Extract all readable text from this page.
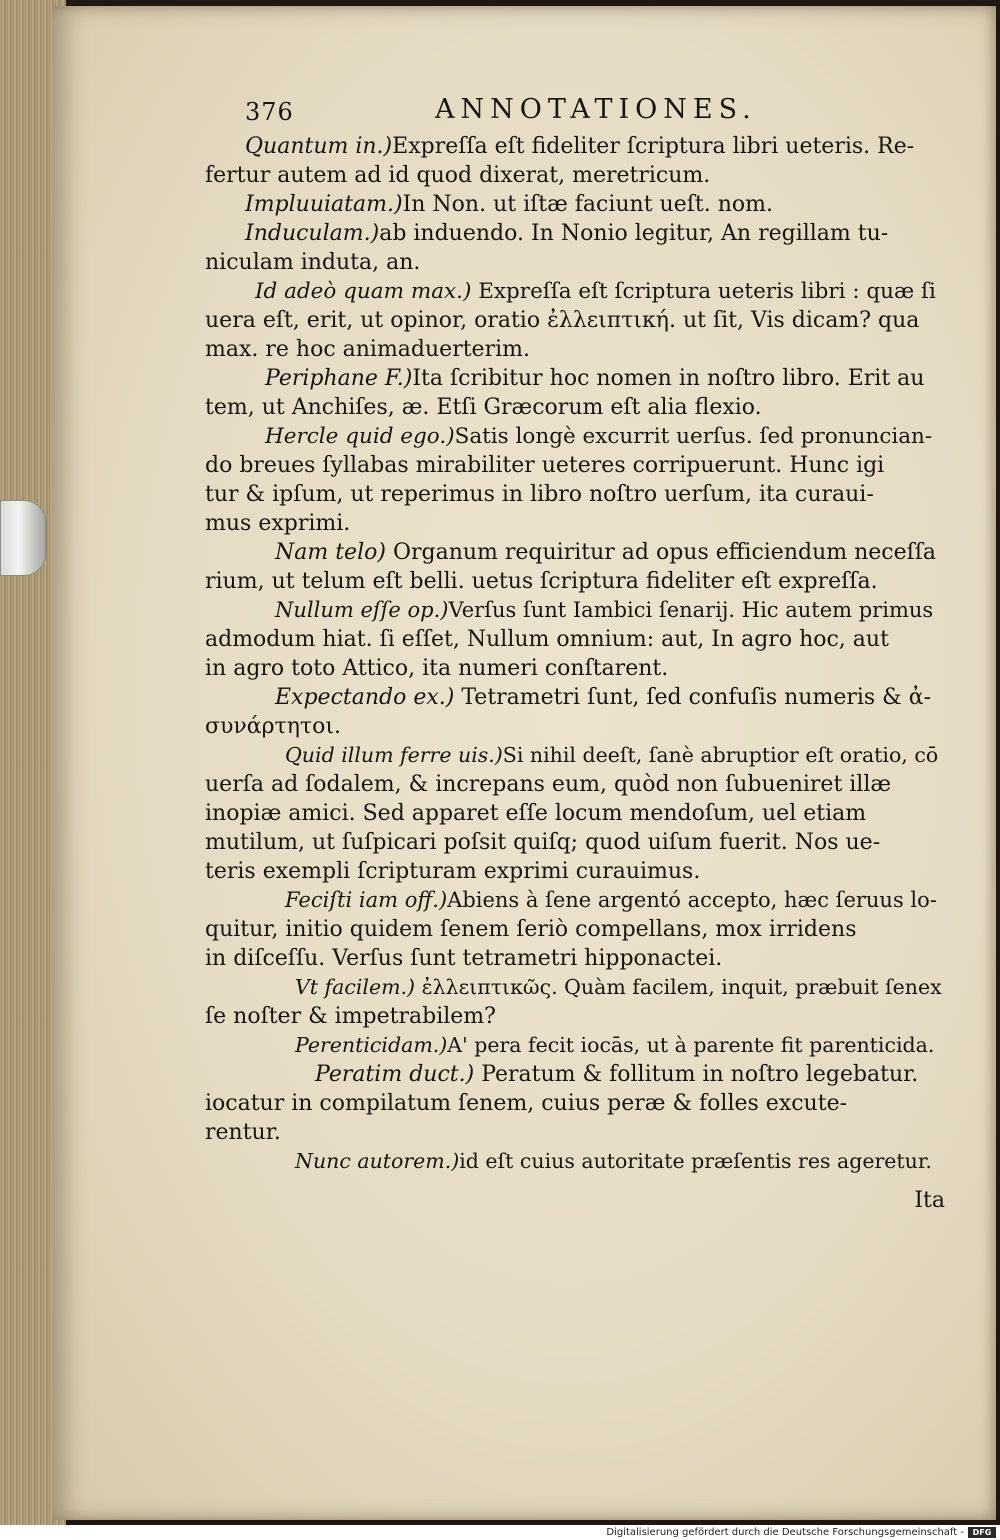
376	ANNOTATIONES.
Quantum in.)Expreſſa eſt fideliter ſcriptura libri ueteris. Re-
fertur autem ad id quod dixerat, meretricum.
Impluuiatam.)In Non. ut iſtæ faciunt ueſt. nom.
Induculam.)ab induendo. In Nonio legitur, An regillam tu-
niculam induta, an.
Id adeò quam max.) Expreſſa eſt ſcriptura ueteris libri : quæ ſi
uera eſt, erit, ut opinor, oratio ἐλλειπτική. ut ſit, Vis dicam? qua
max. re hoc animaduerterim.
Periphane F.)Ita ſcribitur hoc nomen in noſtro libro. Erit au
tem, ut Anchiſes, æ. Etſi Græcorum eſt alia flexio.
Hercle quid ego.)Satis longè excurrit uerſus. ſed pronuncian-
do breues ſyllabas mirabiliter ueteres corripuerunt. Hunc igi
tur & ipſum, ut reperimus in libro noſtro uerſum, ita curaui-
mus exprimi.
Nam telo) Organum requiritur ad opus efficiendum neceſſa
rium, ut telum eſt belli. uetus ſcriptura fideliter eſt expreſſa.
Nullum eſſe op.)Verſus ſunt Iambici ſenarij. Hic autem primus
admodum hiat. ſi eſſet, Nullum omnium: aut, In agro hoc, aut
in agro toto Attico, ita numeri conſtarent.
Expectando ex.) Tetrametri ſunt, ſed confuſis numeris & ἀ-
συνάρτητοι.
Quid illum ferre uis.)Si nihil deeſt, ſanè abruptior eſt oratio, cō
uerſa ad ſodalem, & increpans eum, quòd non ſubueniret illæ
inopiæ amici. Sed apparet eſſe locum mendoſum, uel etiam
mutilum, ut ſuſpicari poſsit quiſq; quod uiſum fuerit. Nos ue-
teris exempli ſcripturam exprimi curauimus.
Feciſti iam off.)Abiens à ſene argentó accepto, hæc ſeruus lo-
quitur, initio quidem ſenem ſeriò compellans, mox irridens
in diſceſſu. Verſus ſunt tetrametri hipponactei.
Vt facilem.) ἐλλειπτικῶς. Quàm facilem, inquit, præbuit ſenex
ſe noſter & impetrabilem?
Perenticidam.)A' pera fecit iocās, ut à parente fit parenticida.
Peratim duct.) Peratum & follitum in noſtro legebatur.
iocatur in compilatum ſenem, cuius peræ & folles excute-
rentur.
Nunc autorem.)id eſt cuius autoritate præſentis res ageretur.
Ita
Digitalisierung gefördert durch die Deutsche Forschungsgemeinschaft -	DFG
